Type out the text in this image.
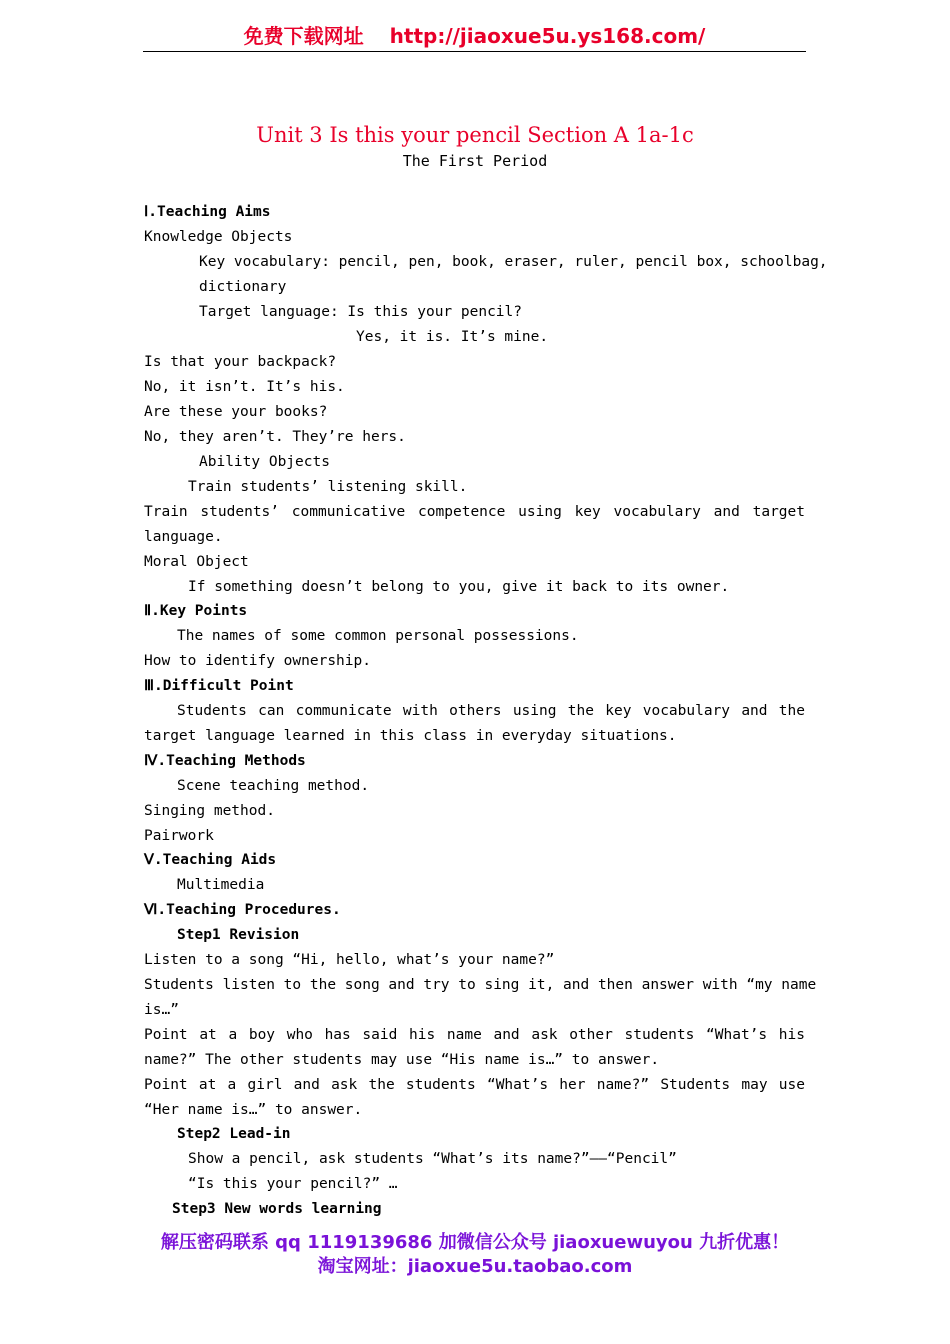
免费下载网址 http://jiaoxue5u.ys168.com/
Unit 3 Is this your pencil Section A 1a-1c
The First Period
Ⅰ.Teaching Aims
Knowledge Objects
Key vocabulary: pencil, pen, book, eraser, ruler, pencil box, schoolbag,
dictionary
Target language: Is this your pencil?
Yes, it is. It’s mine.
Is that your backpack?
No, it isn’t. It’s his.
Are these your books?
No, they aren’t. They’re hers.
Ability Objects
Train students’ listening skill.
Train students’ communicative competence using key vocabulary and target
language.
Moral Object
If something doesn’t belong to you, give it back to its owner.
Ⅱ.Key Points
The names of some common personal possessions.
How to identify ownership.
Ⅲ.Difficult Point
Students can communicate with others using the key vocabulary and the
target language learned in this class in everyday situations.
Ⅳ.Teaching Methods
Scene teaching method.
Singing method.
Pairwork
Ⅴ.Teaching Aids
Multimedia
Ⅵ.Teaching Procedures.
Step1 Revision
Listen to a song “Hi, hello, what’s your name?”
Students listen to the song and try to sing it, and then answer with “my name
is…”
Point at a boy who has said his name and ask other students “What’s his
name?” The other students may use “His name is…” to answer.
Point at a girl and ask the students “What’s her name?” Students may use
“Her name is…” to answer.
Step2 Lead-in
Show a pencil, ask students “What’s its name?”——“Pencil”
“Is this your pencil?” …
Step3 New words learning
解压密码联系 qq 1119139686 加微信公众号 jiaoxuewuyou 九折优惠！
淘宝网址：jiaoxue5u.taobao.com
